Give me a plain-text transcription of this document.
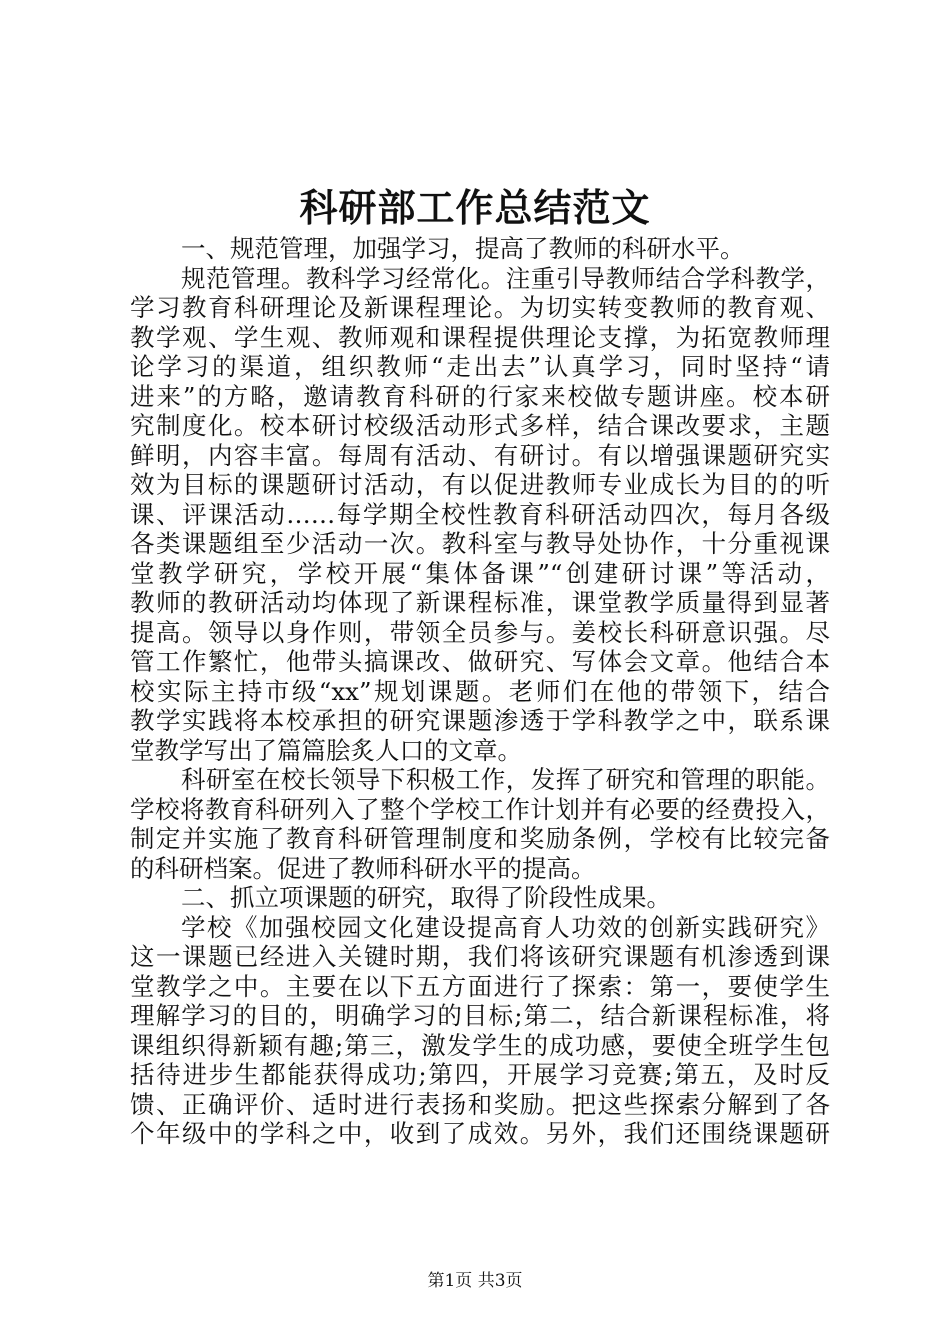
科研部工作总结范文
一、规范管理，加强学习，提高了教师的科研水平。
规范管理。教科学习经常化。注重引导教师结合学科教学，
学习教育科研理论及新课程理论。为切实转变教师的教育观、
教学观、学生观、教师观和课程提供理论支撑，为拓宽教师理
论学习的渠道，组织教师“走出去”认真学习，同时坚持“请
进来”的方略，邀请教育科研的行家来校做专题讲座。校本研
究制度化。校本研讨校级活动形式多样，结合课改要求，主题
鲜明，内容丰富。每周有活动、有研讨。有以增强课题研究实
效为目标的课题研讨活动，有以促进教师专业成长为目的的听
课、评课活动……每学期全校性教育科研活动四次，每月各级
各类课题组至少活动一次。教科室与教导处协作，十分重视课
堂教学研究，学校开展“集体备课”“创建研讨课”等活动，
教师的教研活动均体现了新课程标准，课堂教学质量得到显著
提高。领导以身作则，带领全员参与。姜校长科研意识强。尽
管工作繁忙，他带头搞课改、做研究、写体会文章。他结合本
校实际主持市级“xx”规划课题。老师们在他的带领下，结合
教学实践将本校承担的研究课题渗透于学科教学之中，联系课
堂教学写出了篇篇脍炙人口的文章。
科研室在校长领导下积极工作，发挥了研究和管理的职能。
学校将教育科研列入了整个学校工作计划并有必要的经费投入，
制定并实施了教育科研管理制度和奖励条例，学校有比较完备
的科研档案。促进了教师科研水平的提高。
二、抓立项课题的研究，取得了阶段性成果。
学校《加强校园文化建设提高育人功效的创新实践研究》
这一课题已经进入关键时期，我们将该研究课题有机渗透到课
堂教学之中。主要在以下五方面进行了探索：第一，要使学生
理解学习的目的，明确学习的目标;第二，结合新课程标准，将
课组织得新颖有趣;第三，激发学生的成功感，要使全班学生包
括待进步生都能获得成功;第四，开展学习竞赛;第五，及时反
馈、正确评价、适时进行表扬和奖励。把这些探索分解到了各
个年级中的学科之中，收到了成效。另外，我们还围绕课题研
第1页 共3页
